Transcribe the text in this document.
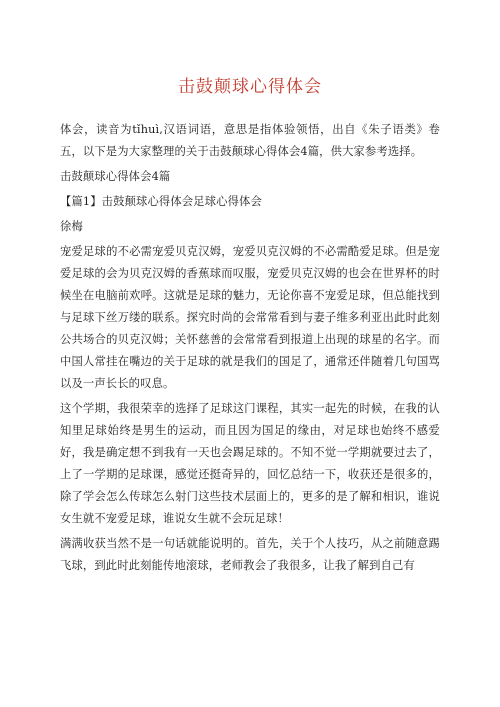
击鼓颠球心得体会

体会，读音为tǐhuì,汉语词语，意思是指体验领悟，出自《朱子语类》卷五，以下是为大家整理的关于击鼓颠球心得体会4篇，供大家参考选择。

击鼓颠球心得体会4篇

【篇1】击鼓颠球心得体会足球心得体会

徐梅

宠爱足球的不必需宠爱贝克汉姆，宠爱贝克汉姆的不必需酷爱足球。但是宠爱足球的会为贝克汉姆的香蕉球而叹服，宠爱贝克汉姆的也会在世界杯的时候坐在电脑前欢呼。这就是足球的魅力，无论你喜不宠爱足球，但总能找到与足球下丝万缕的联系。探究时尚的会常常看到与妻子维多利亚出此时此刻公共场合的贝克汉姆；关怀慈善的会常常看到报道上出现的球星的名字。而中国人常挂在嘴边的关于足球的就是我们的国足了，通常还伴随着几句国骂以及一声长长的叹息。

这个学期，我很荣幸的选择了足球这门课程，其实一起先的时候，在我的认知里足球始终是男生的运动，而且因为国足的缘由，对足球也始终不感爱好，我是确定想不到我有一天也会踢足球的。不知不觉一学期就要过去了，上了一学期的足球课，感觉还挺奇异的，回忆总结一下，收获还是很多的，除了学会怎么传球怎么射门这些技术层面上的，更多的是了解和相识，谁说女生就不宠爱足球，谁说女生就不会玩足球！

满满收获当然不是一句话就能说明的。首先，关于个人技巧，从之前随意踢飞球，到此时此刻能传地滚球，老师教会了我很多，让我了解到自己有
